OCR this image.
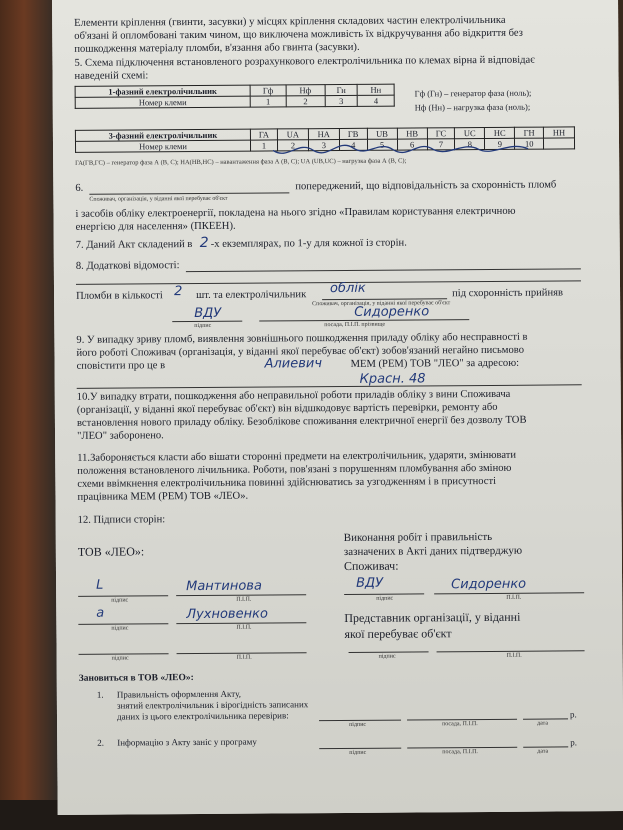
Елементи кріплення (гвинти, засувки) у місцях кріплення складових частин електролічильника
об'язані й опломбовані таким чином, що виключена можливість їх відкручування або відкриття без
пошкодження матеріалу пломби, в'язання або гвинта (засувки).
5. Схема підключення встановленого розрахункового електролічильника по клемах вірна й відповідає
наведеній схемі:
1-фазний електролічильник	Гф	Нф	Гн	Нн
Номер клеми	1	2	3	4
Гф (Гн) – генератор фаза (ноль);
Нф (Нн) – нагрузка фаза (ноль);
3-фазний електролічильник	ГА	UА	НА	ГВ	UВ	НВ	ГС	UС	НС	ГН	НН
Номер клеми	1	2	3	4	5	6	7	8	9	10	
ГА(ГВ,ГС) – генератор фаза А (В, С); НА(НВ,НС) – навантаження фаза А (В, С); UА (UВ,UС) – нагрузка фаза А (В, С);
6.
Споживач, організація, у віданні якої перебуває об'єкт
попереджений, що відповідальність за схоронність пломб
і засобів обліку електроенергії, покладена на нього згідно «Правилам користування електричною
енергією для населення» (ПКЕЕН).
7. Даний Акт складений в 2 -х екземплярах, по 1-у для кожної із сторін.
8. Додаткові відомості:
Пломби в кількості 2 шт. та електролічильник облік
Споживач, організація, у віданні якої перебуває об'єкт
під схоронність прийняв
ВДУ
підпис
Сидоренко
посада, П.І.П. прізвище
9. У випадку зриву пломб, виявлення зовнішнього пошкодження приладу обліку або несправності в
його роботі Споживач (організація, у віданні якої перебуває об'єкт) зобов'язаний негайно письмово
сповістити про це в	Алиевич	МЕМ (РЕМ) ТОВ "ЛЕО" за адресою:
Красн. 48
10.У випадку втрати, пошкодження або неправильної роботи приладів обліку з вини Споживача
(організації, у віданні якої перебуває об'єкт) він відшкодовує вартість перевірки, ремонту або
встановлення нового приладу обліку. Безоблікове споживання електричної енергії без дозволу ТОВ
"ЛЕО" заборонено.
11.Забороняється класти або вішати сторонні предмети на електролічильник, ударяти, змінювати
положення встановленого лічильника. Роботи, пов'язані з порушенням пломбування або зміною
схеми ввімкнення електролічильника повинні здійснюватись за узгодженням і в присутності
працівника МЕМ (РЕМ) ТОВ «ЛЕО».
12. Підписи сторін:
ТОВ «ЛЕО»:
Виконання робіт і правильність
зазначених в Акті даних підтверджую
Споживач:
L
підпис
Мантинова
П.І.П.
ВДУ
підпис
Сидоренко
П.І.П.
а
підпис
Лухновенко
П.І.П.
Представник організації, у віданні
якої перебуває об'єкт
підпис	П.І.П.	підпис	П.І.П.
Зановиться в ТОВ «ЛЕО»:
1. Правильність оформлення Акту,
знятий електролічильник і вірогідність записаних
даних із цього електролічильника перевірив:
підпис	посада, П.І.П.	дата
р.
2. Інформацію з Акту заніс у програму
підпис	посада, П.І.П.	дата
р.
